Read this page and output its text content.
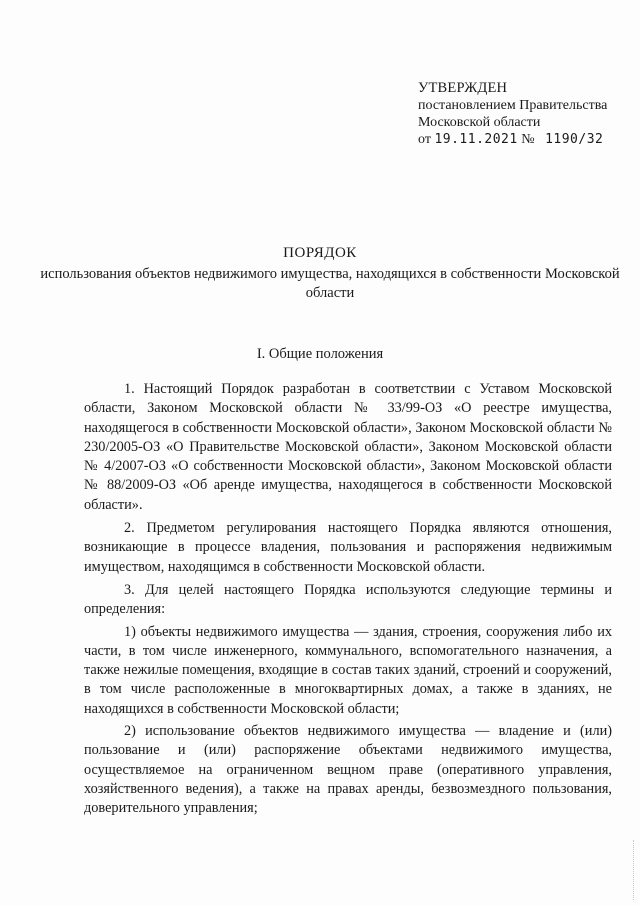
УТВЕРЖДЕН
постановлением Правительства
Московской области
от 19.11.2021 № 1190/32
ПОРЯДОК
использования объектов недвижимого имущества, находящихся в собственности Московской области
I. Общие положения

1. Настоящий Порядок разработан в соответствии с Уставом Московской области, Законом Московской области № 33/99-ОЗ «О реестре имущества, находящегося в собственности Московской области», Законом Московской области № 230/2005-ОЗ «О Правительстве Московской области», Законом Московской области № 4/2007-ОЗ «О собственности Московской области», Законом Московской области № 88/2009-ОЗ «Об аренде имущества, находящегося в собственности Московской области».

2. Предметом регулирования настоящего Порядка являются отношения, возникающие в процессе владения, пользования и распоряжения недвижимым имуществом, находящимся в собственности Московской области.

3. Для целей настоящего Порядка используются следующие термины и определения:

1) объекты недвижимого имущества — здания, строения, сооружения либо их части, в том числе инженерного, коммунального, вспомогательного назначения, а также нежилые помещения, входящие в состав таких зданий, строений и сооружений, в том числе расположенные в многоквартирных домах, а также в зданиях, не находящихся в собственности Московской области;

2) использование объектов недвижимого имущества — владение и (или) пользование и (или) распоряжение объектами недвижимого имущества, осуществляемое на ограниченном вещном праве (оперативного управления, хозяйственного ведения), а также на правах аренды, безвозмездного пользования, доверительного управления;
